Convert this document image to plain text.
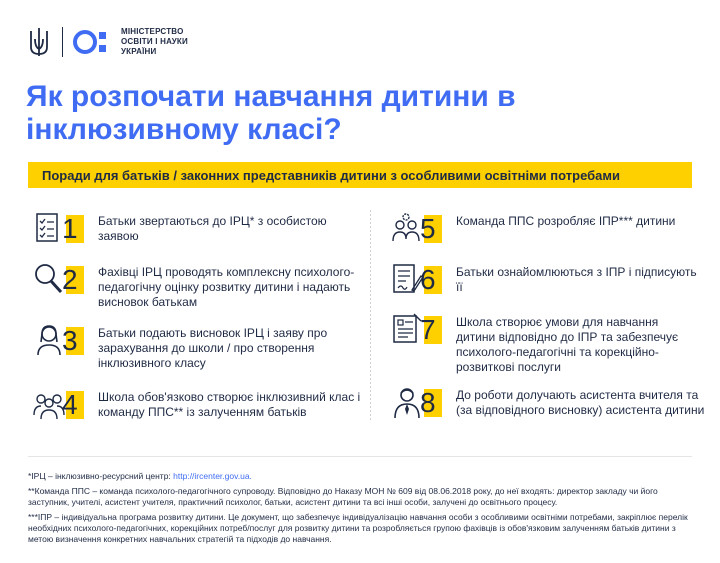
МІНІСТЕРСТВО
ОСВІТИ І НАУКИ
УКРАЇНИ
Як розпочати навчання дитини в
інклюзивному класі?
Поради для батьків / законних представників дитини з особливими освітніми потребами
1 Батьки звертаються до ІРЦ* з особистою заявою
2 Фахівці ІРЦ проводять комплексну психолого-педагогічну оцінку розвитку дитини і надають висновок батькам
3 Батьки подають висновок ІРЦ і заяву про зарахування до школи / про створення інклюзивного класу
4 Школа обов'язково створює інклюзивний клас і команду ППС** із залученням батьків
5 Команда ППС розробляє ІПР*** дитини
6 Батьки ознайомлюються з ІПР і підписують її
7 Школа створює умови для навчання дитини відповідно до ІПР та забезпечує психолого-педагогічні та корекційно-розвиткові послуги
8 До роботи долучають асистента вчителя та (за відповідного висновку) асистента дитини

*ІРЦ – інклюзивно-ресурсний центр: http://ircenter.gov.ua.

**Команда ППС – команда психолого-педагогічного супроводу. Відповідно до Наказу МОН № 609 від 08.06.2018 року, до неї входять: директор закладу чи його заступник, учителі, асистент учителя, практичний психолог, батьки, асистент дитини та всі інші особи, залучені до освітнього процесу.

***ІПР – індивідуальна програма розвитку дитини. Це документ, що забезпечує індивідуалізацію навчання особи з особливими освітніми потребами, закріплює перелік необхідних психолого-педагогічних, корекційних потреб/послуг для розвитку дитини та розробляється групою фахівців із обов'язковим залученням батьків дитини з метою визначення конкретних навчальних стратегій та підходів до навчання.
